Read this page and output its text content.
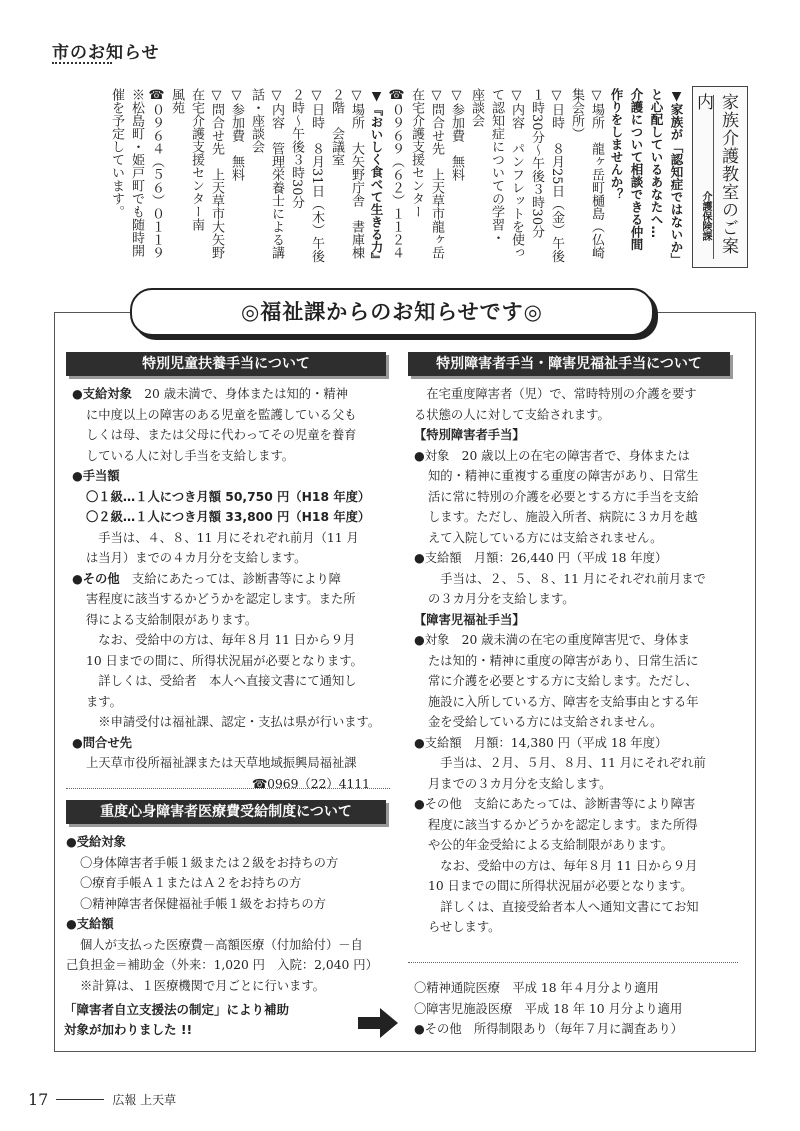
市のお知らせ
家族介護教室のご案内
介護保険課
▼家族が「認知症ではないか」
と心配しているあなたへ…
介護について相談できる仲間
作りをしませんか？
▽場所　龍ヶ岳町樋島（仏崎
集会所）
▽日時　８月25日（金）午後
１時30分〜午後３時30分
▽内容　パンフレットを使っ
て認知症についての学習・
座談会
▽参加費　無料
▽問合せ先　上天草市龍ヶ岳
在宅介護支援センター
☎０９６９（６２）１１２４
▼『おいしく食べて生きる力』
▽場所　大矢野庁舎　書庫棟
２階　会議室
▽日時　８月31日（木）午後
２時〜午後３時30分
▽内容　管理栄養士による講
話・座談会
▽参加費　無料
▽問合せ先　上天草市大矢野
在宅介護支援センター南
風苑
☎０９６４（５６）０１１９
※松島町・姫戸町でも随時開
催を予定しています。
◎福祉課からのお知らせです◎
特別児童扶養手当について

●支給対象　20 歳未満で、身体または知的・精神

に中度以上の障害のある児童を監護している父も

しくは母、または父母に代わってその児童を養育

している人に対し手当を支給します。

●手当額

〇１級…１人につき月額 50,750 円（H18 年度）

〇２級…１人につき月額 33,800 円（H18 年度）

　手当は、４、８、11 月にそれぞれ前月（11 月

は当月）までの４カ月分を支給します。

●その他　支給にあたっては、診断書等により障

害程度に該当するかどうかを認定します。また所

得による支給制限があります。

　なお、受給中の方は、毎年８月 11 日から９月

10 日までの間に、所得状況届が必要となります。

　詳しくは、受給者　本人へ直接文書にて通知し

ます。

　※申請受付は福祉課、認定・支払は県が行います。

●問合せ先

上天草市役所福祉課または天草地域振興局福祉課

☎0969（22）4111

重度心身障害者医療費受給制度について

●受給対象

〇身体障害者手帳１級または２級をお持ちの方

〇療育手帳Ａ１またはＡ２をお持ちの方

〇精神障害者保健福祉手帳１級をお持ちの方

●支給額

個人が支払った医療費－高額医療（付加給付）－自

己負担金＝補助金（外来：1,020 円　入院：2,040 円）

※計算は、１医療機関で月ごとに行います。

「障害者自立支援法の制定」により補助

対象が加わりました !!

特別障害者手当・障害児福祉手当について

　在宅重度障害者（児）で、常時特別の介護を要す

る状態の人に対して支給されます。

【特別障害者手当】

●対象　20 歳以上の在宅の障害者で、身体または

知的・精神に重複する重度の障害があり、日常生

活に常に特別の介護を必要とする方に手当を支給

します。ただし、施設入所者、病院に３カ月を越

えて入院している方には支給されません。

●支給額　月額：26,440 円（平成 18 年度）

　手当は、２、５、８、11 月にそれぞれ前月まで

の３カ月分を支給します。

【障害児福祉手当】

●対象　20 歳未満の在宅の重度障害児で、身体ま

たは知的・精神に重度の障害があり、日常生活に

常に介護を必要とする方に支給します。ただし、

施設に入所している方、障害を支給事由とする年

金を受給している方には支給されません。

●支給額　月額：14,380 円（平成 18 年度）

　手当は、２月、５月、８月、11 月にそれぞれ前

月までの３カ月分を支給します。

●その他　支給にあたっては、診断書等により障害

程度に該当するかどうかを認定します。また所得

や公的年金受給による支給制限があります。

　なお、受給中の方は、毎年８月 11 日から９月

10 日までの間に所得状況届が必要となります。

　詳しくは、直接受給者本人へ通知文書にてお知

らせします。

〇精神通院医療　平成 18 年４月分より適用

〇障害児施設医療　平成 18 年 10 月分より適用

●その他　所得制限あり（毎年７月に調査あり）

17	広報 上天草
